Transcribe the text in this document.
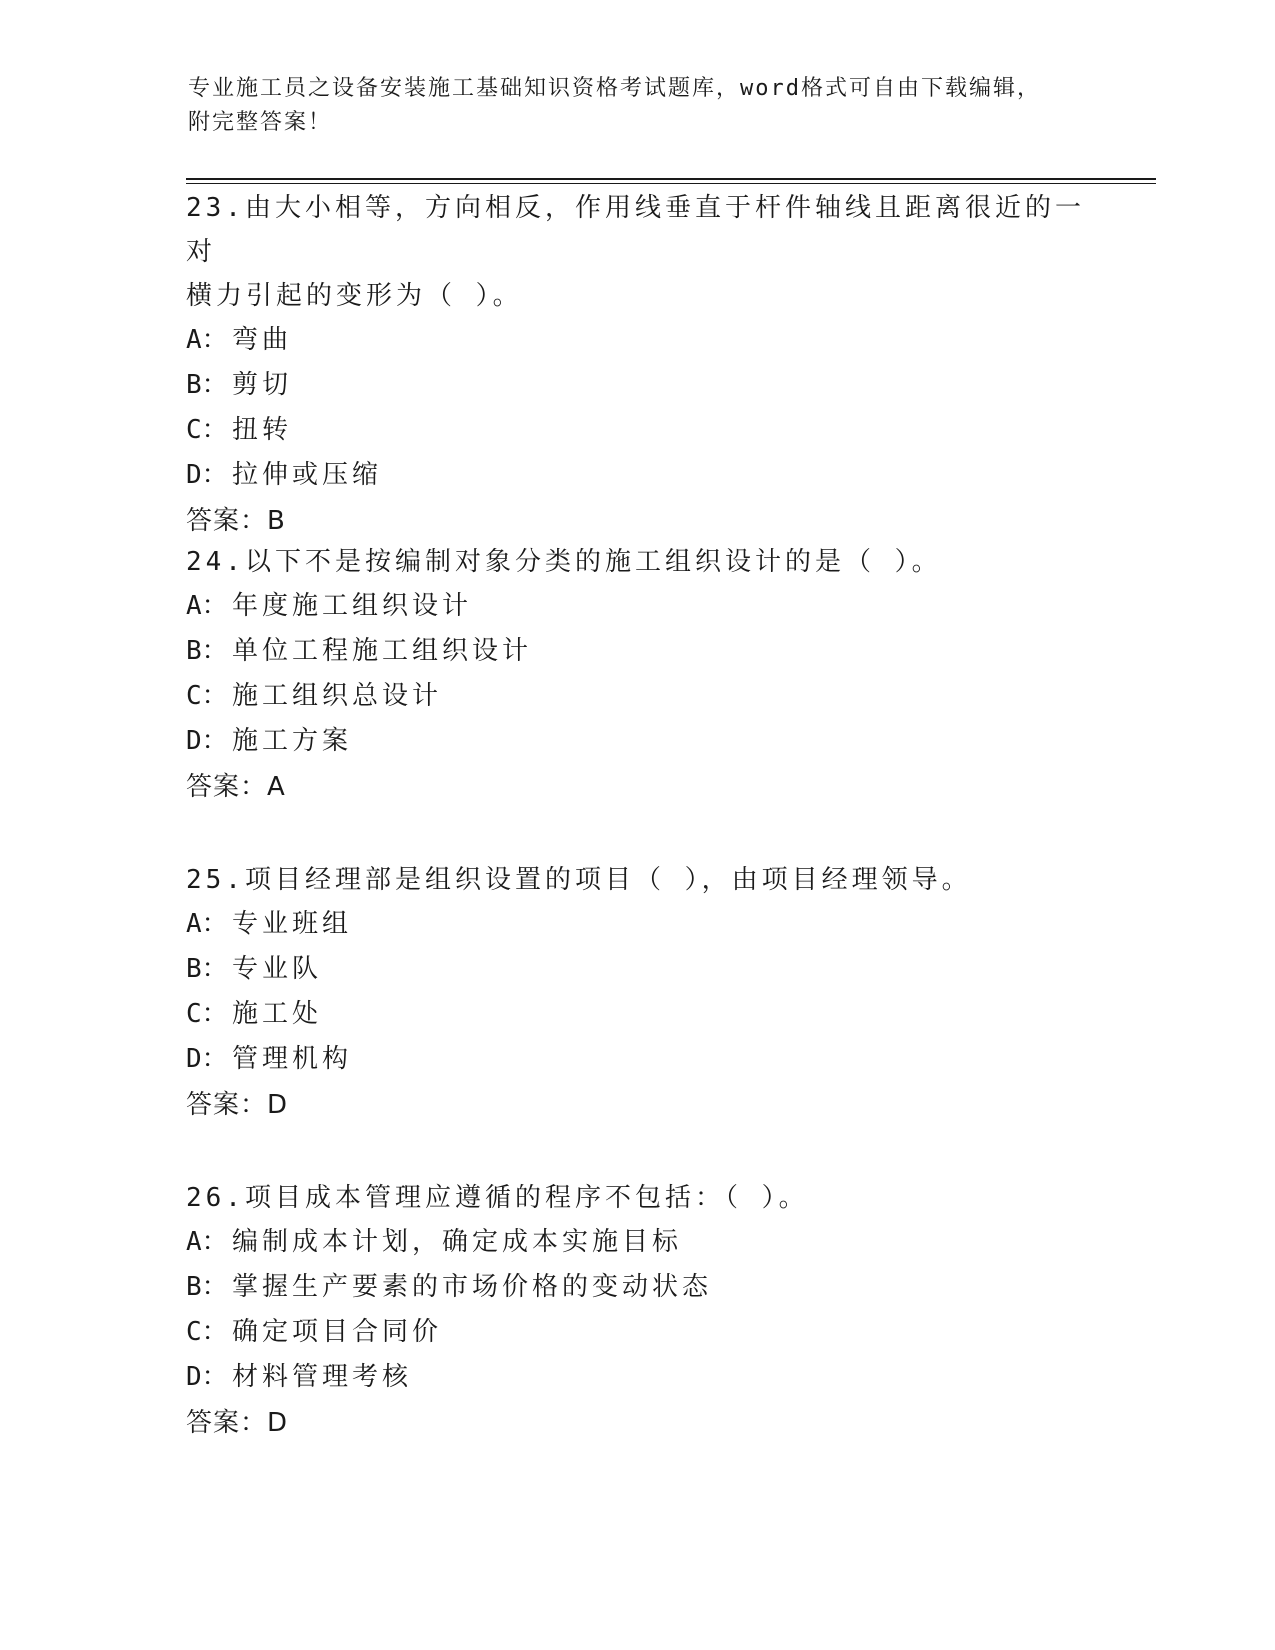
专业施工员之设备安装施工基础知识资格考试题库，word格式可自由下载编辑，
附完整答案！

23.由大小相等，方向相反，作用线垂直于杆件轴线且距离很近的一对

横力引起的变形为（ ）。

A： 弯曲

B： 剪切

C： 扭转

D： 拉伸或压缩

答案：B

24.以下不是按编制对象分类的施工组织设计的是（ ）。

A： 年度施工组织设计

B： 单位工程施工组织设计

C： 施工组织总设计

D： 施工方案

答案：A

25.项目经理部是组织设置的项目（ ），由项目经理领导。

A： 专业班组

B： 专业队

C： 施工处

D： 管理机构

答案：D

26.项目成本管理应遵循的程序不包括：（ ）。

A： 编制成本计划，确定成本实施目标

B： 掌握生产要素的市场价格的变动状态

C： 确定项目合同价

D： 材料管理考核

答案：D
